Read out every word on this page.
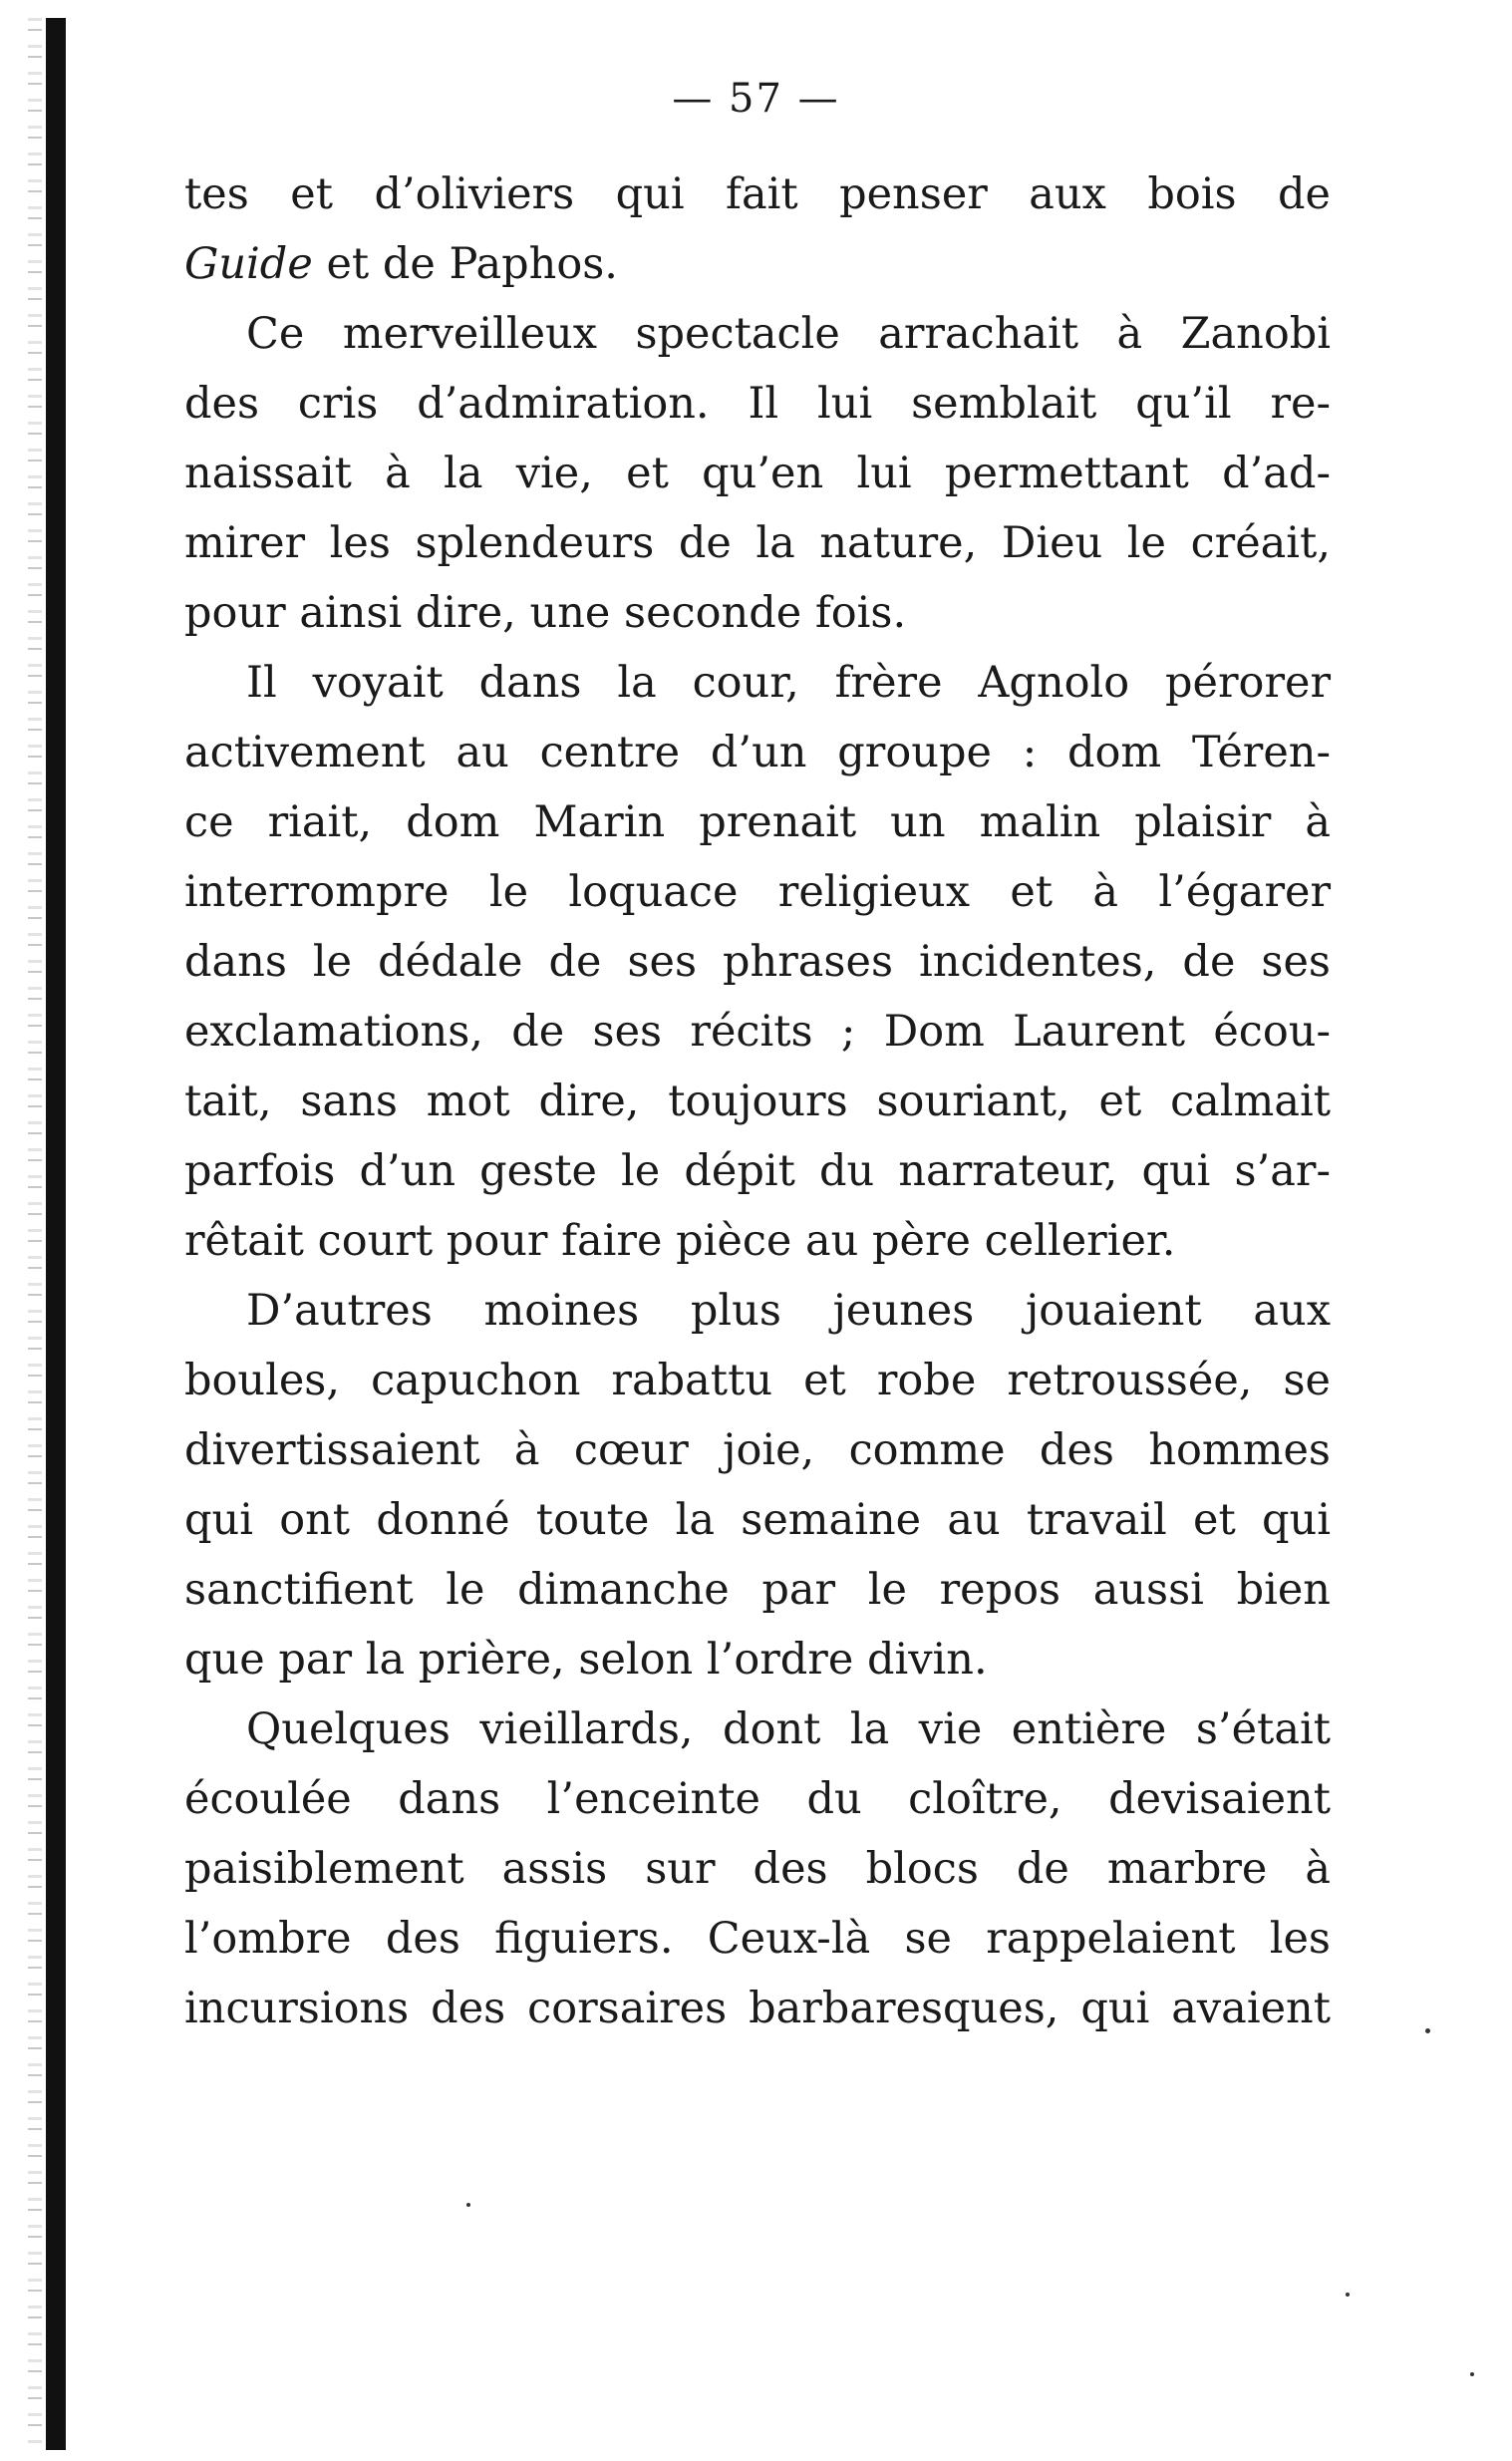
— 57 —
tes et d’oliviers qui fait penser aux bois de
Guide et de Paphos.
Ce merveilleux spectacle arrachait à Zanobi
des cris d’admiration. Il lui semblait qu’il re-
naissait à la vie, et qu’en lui permettant d’ad-
mirer les splendeurs de la nature, Dieu le créait,
pour ainsi dire, une seconde fois.
Il voyait dans la cour, frère Agnolo pérorer
activement au centre d’un groupe : dom Téren-
ce riait, dom Marin prenait un malin plaisir à
interrompre le loquace religieux et à l’égarer
dans le dédale de ses phrases incidentes, de ses
exclamations, de ses récits ; Dom Laurent écou-
tait, sans mot dire, toujours souriant, et calmait
parfois d’un geste le dépit du narrateur, qui s’ar-
rêtait court pour faire pièce au père cellerier.
D’autres moines plus jeunes jouaient aux
boules, capuchon rabattu et robe retroussée, se
divertissaient à cœur joie, comme des hommes
qui ont donné toute la semaine au travail et qui
sanctifient le dimanche par le repos aussi bien
que par la prière, selon l’ordre divin.
Quelques vieillards, dont la vie entière s’était
écoulée dans l’enceinte du cloître, devisaient
paisiblement assis sur des blocs de marbre à
l’ombre des figuiers. Ceux-là se rappelaient les
incursions des corsaires barbaresques, qui avaient
